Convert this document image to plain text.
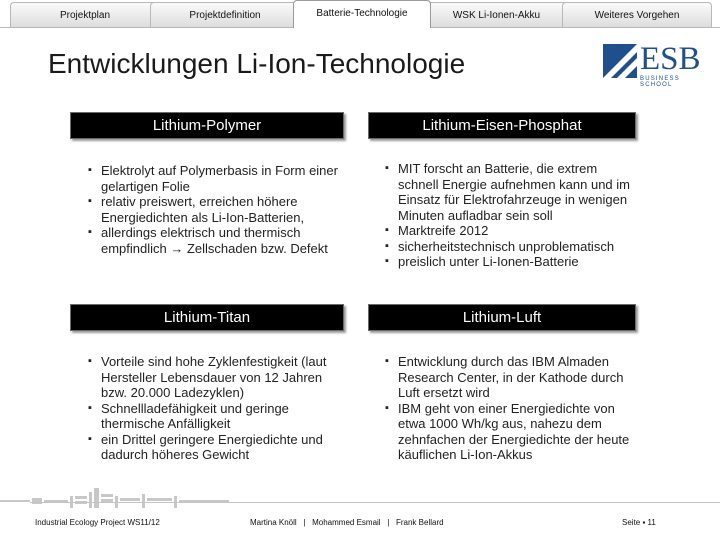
Projektplan	Projektdefinition	Batterie-Technologie	WSK Li-Ionen-Akku	Weiteres Vorgehen
Entwicklungen Li-Ion-Technologie	ESB
BUSINESS SCHOOL
Lithium-Polymer
▪ Elektrolyt auf Polymerbasis in Form einer gelartigen Folie
▪ relativ preiswert, erreichen höhere Energiedichten als Li-Ion-Batterien,
▪ allerdings elektrisch und thermisch empfindlich → Zellschaden bzw. Defekt
Lithium-Eisen-Phosphat
▪ MIT forscht an Batterie, die extrem schnell Energie aufnehmen kann und im Einsatz für Elektrofahrzeuge in wenigen Minuten aufladbar sein soll
▪ Marktreife 2012
▪ sicherheitstechnisch unproblematisch
▪ preislich unter Li-Ionen-Batterie
Lithium-Titan
▪ Vorteile sind hohe Zyklenfestigkeit (laut Hersteller Lebensdauer von 12 Jahren bzw. 20.000 Ladezyklen)
▪ Schnellladefähigkeit und geringe thermische Anfälligkeit
▪ ein Drittel geringere Energiedichte und dadurch höheres Gewicht
Lithium-Luft
▪ Entwicklung durch das IBM Almaden Research Center, in der Kathode durch Luft ersetzt wird
▪ IBM geht von einer Energiedichte von etwa 1000 Wh/kg aus, nahezu dem zehnfachen der Energiedichte der heute käuflichen Li-Ion-Akkus
Industrial Ecology Project WS11/12	Martina Knöll   |   Mohammed Esmail   |   Frank Bellard	Seite ▪ 11
